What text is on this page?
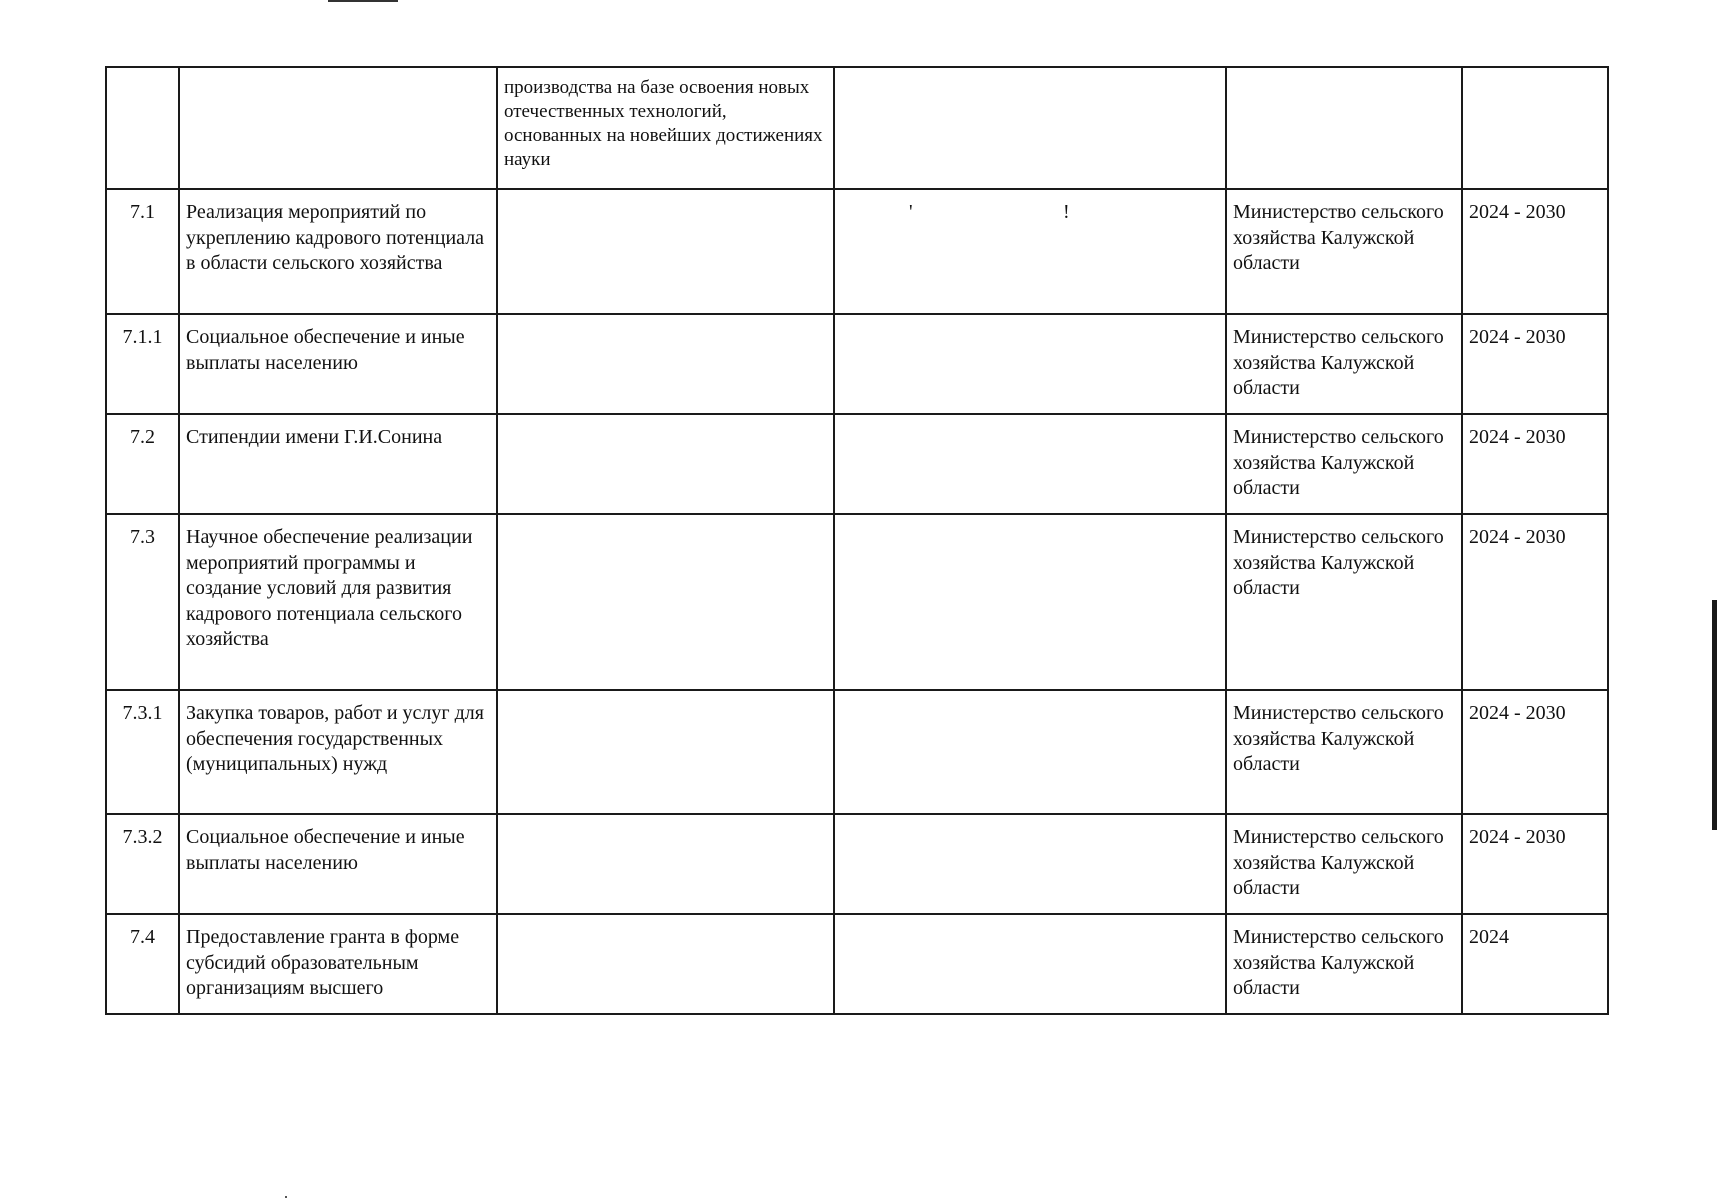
		производства на базе освоения новых отечественных технологий, основанных на новейших достижениях науки			
7.1	Реализация мероприятий по укреплению кадрового потенциала в области сельского хозяйства		' !	Министерство сельского хозяйства Калужской области	2024 - 2030
7.1.1	Социальное обеспечение и иные выплаты населению			Министерство сельского хозяйства Калужской области	2024 - 2030
7.2	Стипендии имени Г.И.Сонина			Министерство сельского хозяйства Калужской области	2024 - 2030
7.3	Научное обеспечение реализации мероприятий программы и создание условий для развития кадрового потенциала сельского хозяйства			Министерство сельского хозяйства Калужской области	2024 - 2030
7.3.1	Закупка товаров, работ и услуг для обеспечения государственных (муниципальных) нужд			Министерство сельского хозяйства Калужской области	2024 - 2030
7.3.2	Социальное обеспечение и иные выплаты населению			Министерство сельского хозяйства Калужской области	2024 - 2030
7.4	Предоставление гранта в форме субсидий образовательным организациям высшего			Министерство сельского хозяйства Калужской области	2024
